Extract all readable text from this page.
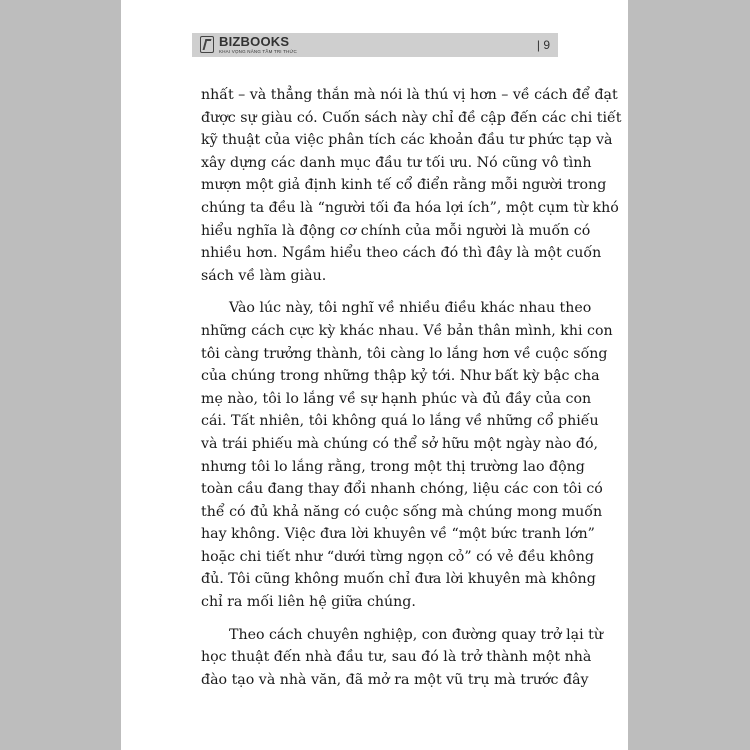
BIZBOOKS
KHAI VỌNG NÂNG TẦM TRI THỨC	| 9

nhất – và thẳng thắn mà nói là thú vị hơn – về cách để đạt
được sự giàu có. Cuốn sách này chỉ đề cập đến các chi tiết
kỹ thuật của việc phân tích các khoản đầu tư phức tạp và
xây dựng các danh mục đầu tư tối ưu. Nó cũng vô tình
mượn một giả định kinh tế cổ điển rằng mỗi người trong
chúng ta đều là “người tối đa hóa lợi ích”, một cụm từ khó
hiểu nghĩa là động cơ chính của mỗi người là muốn có
nhiều hơn. Ngầm hiểu theo cách đó thì đây là một cuốn
sách về làm giàu.

Vào lúc này, tôi nghĩ về nhiều điều khác nhau theo
những cách cực kỳ khác nhau. Về bản thân mình, khi con
tôi càng trưởng thành, tôi càng lo lắng hơn về cuộc sống
của chúng trong những thập kỷ tới. Như bất kỳ bậc cha
mẹ nào, tôi lo lắng về sự hạnh phúc và đủ đầy của con
cái. Tất nhiên, tôi không quá lo lắng về những cổ phiếu
và trái phiếu mà chúng có thể sở hữu một ngày nào đó,
nhưng tôi lo lắng rằng, trong một thị trường lao động
toàn cầu đang thay đổi nhanh chóng, liệu các con tôi có
thể có đủ khả năng có cuộc sống mà chúng mong muốn
hay không. Việc đưa lời khuyên về “một bức tranh lớn”
hoặc chi tiết như “dưới từng ngọn cỏ” có vẻ đều không
đủ. Tôi cũng không muốn chỉ đưa lời khuyên mà không
chỉ ra mối liên hệ giữa chúng.

Theo cách chuyên nghiệp, con đường quay trở lại từ
học thuật đến nhà đầu tư, sau đó là trở thành một nhà
đào tạo và nhà văn, đã mở ra một vũ trụ mà trước đây
